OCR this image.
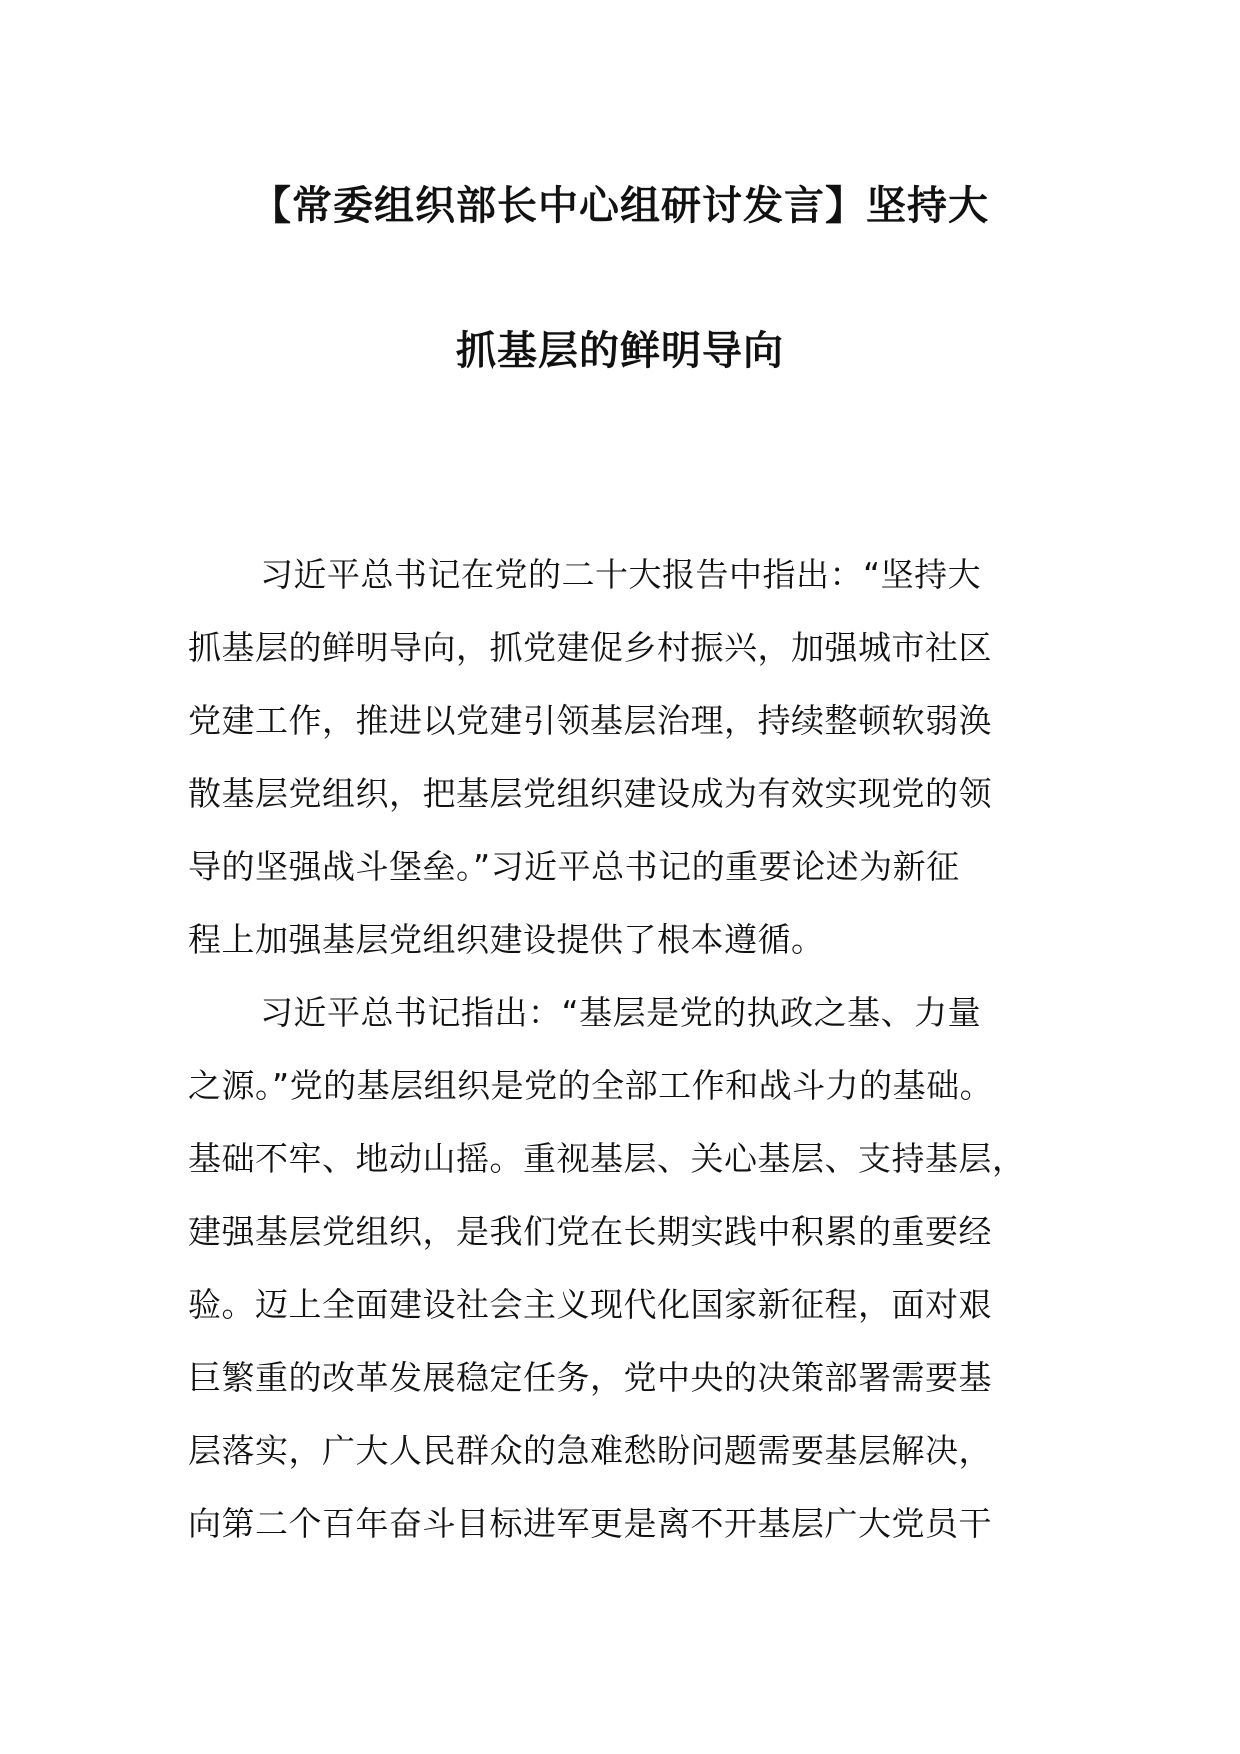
【常委组织部长中心组研讨发言】坚持大
抓基层的鲜明导向
习近平总书记在党的二十大报告中指出：“坚持大
抓基层的鲜明导向，抓党建促乡村振兴，加强城市社区
党建工作，推进以党建引领基层治理，持续整顿软弱涣
散基层党组织，把基层党组织建设成为有效实现党的领
导的坚强战斗堡垒。”习近平总书记的重要论述为新征
程上加强基层党组织建设提供了根本遵循。
习近平总书记指出：“基层是党的执政之基、力量
之源。”党的基层组织是党的全部工作和战斗力的基础。
基础不牢、地动山摇。重视基层、关心基层、支持基层，
建强基层党组织，是我们党在长期实践中积累的重要经
验。迈上全面建设社会主义现代化国家新征程，面对艰
巨繁重的改革发展稳定任务，党中央的决策部署需要基
层落实，广大人民群众的急难愁盼问题需要基层解决，
向第二个百年奋斗目标进军更是离不开基层广大党员干
